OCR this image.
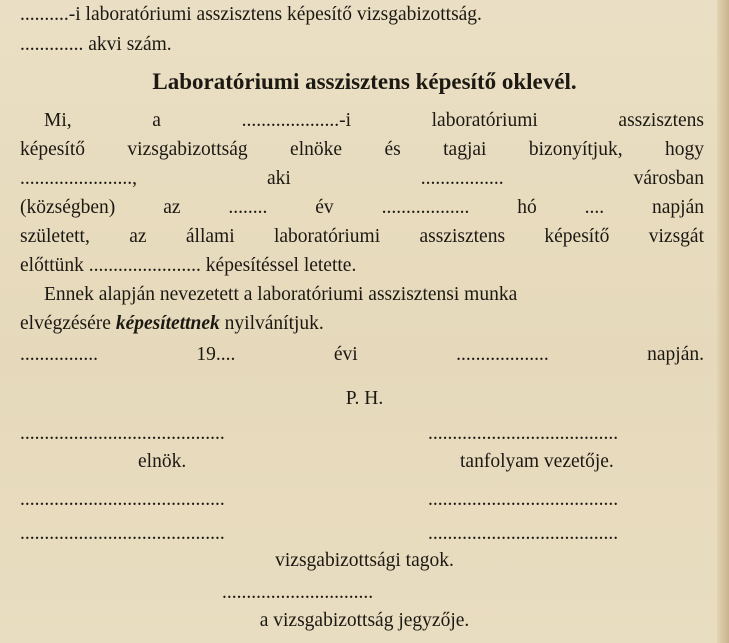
..........-i laboratóriumi asszisztens képesítő vizsgabizottság.
............. akvi szám.
Laboratóriumi asszisztens képesítő oklevél.
Mi,	a	....................-i	laboratóriumi	asszisztens
képesítő vizsgabizottság elnöke és tagjai bizonyítjuk, hogy
.......................,	aki	.................	városban
(községben) az ........ év .................. hó .... napján
született, az állami laboratóriumi asszisztens képesítő vizsgát
előttünk ....................... képesítéssel letette.
Ennek alapján nevezetett a laboratóriumi asszisztensi munka
elvégzésére képesítettnek nyilvánítjuk.
................	19....	évi	...................	napján.
P. H.
..........................................	.......................................
elnök.	tanfolyam vezetője.
..........................................	.......................................
..........................................	.......................................
vizsgabizottsági tagok.
...............................
a vizsgabizottság jegyzője.
